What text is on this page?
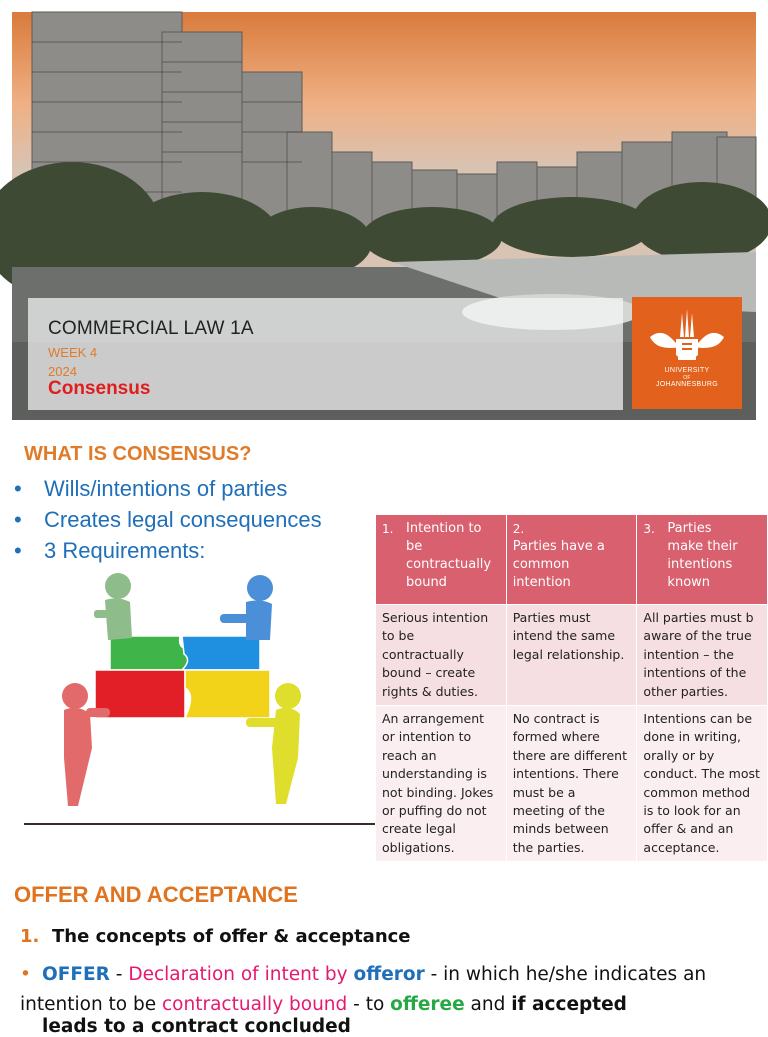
COMMERCIAL LAW 1A
WEEK 4
2024
Consensus
UNIVERSITY
OF
JOHANNESBURG
WHAT IS CONSENSUS?
• Wills/intentions of parties
• Creates legal consequences
• 3 Requirements:
1. Intention to be contractually bound	2.Parties have a common intention	3. Parties make their intentions known
Serious intention to be contractually bound – create rights & duties.	Parties must intend the same legal relationship.	All parties must b aware of the true intention – the intentions of the other parties.
An arrangement or intention to reach an understanding is not binding. Jokes or puffing do not create legal obligations.	No contract is formed where there are different intentions. There must be a meeting of the minds between the parties.	Intentions can be done in writing, orally or by conduct. The most common method is to look for an offer & and an acceptance.
OFFER AND ACCEPTANCE
1. The concepts of offer & acceptance
• OFFER - Declaration of intent by offeror - in which he/she indicates an intention to be contractually bound - to offeree and if accepted
leads to a contract concluded
